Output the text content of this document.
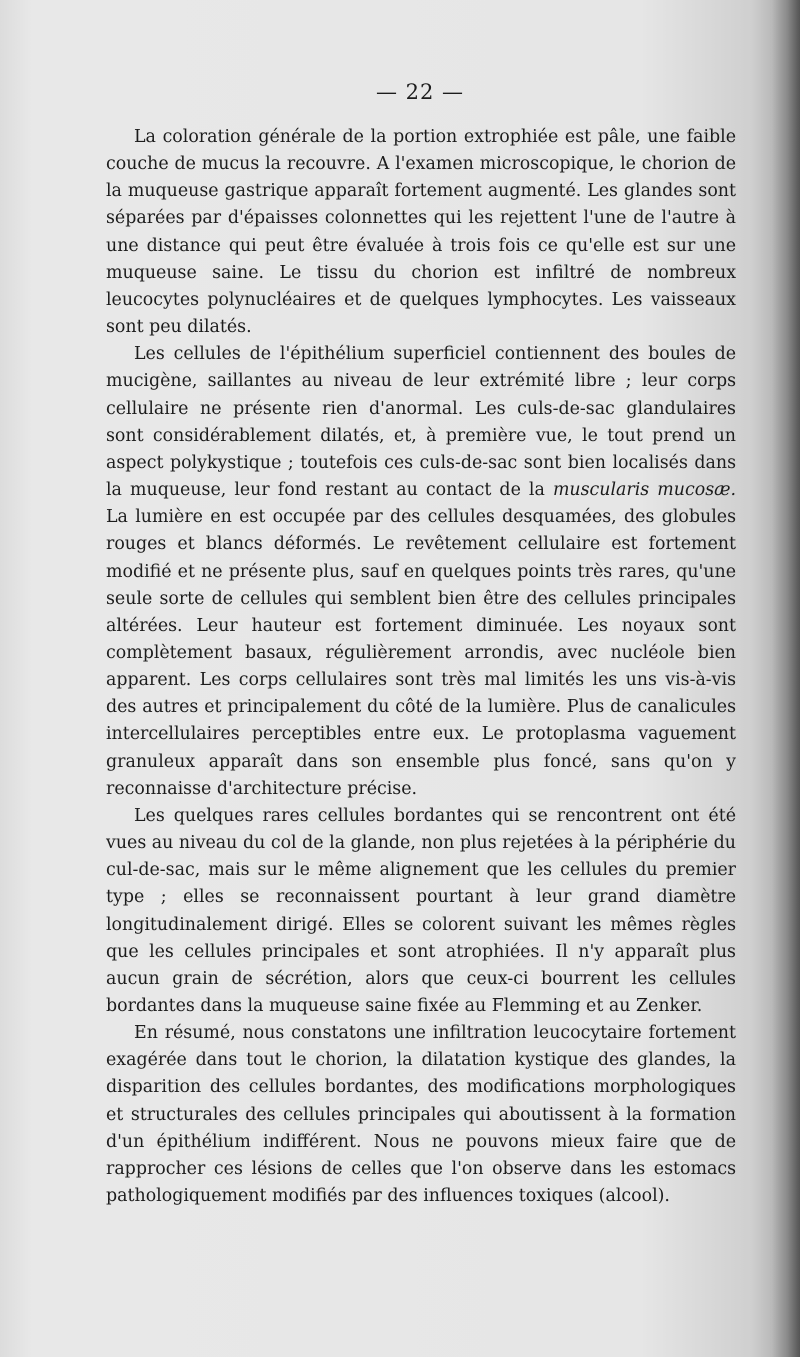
— 22 —

La coloration générale de la portion extrophiée est pâle, une faible couche de mucus la recouvre. A l'examen microscopique, le chorion de la muqueuse gastrique apparaît fortement augmenté. Les glandes sont séparées par d'épaisses colonnettes qui les rejettent l'une de l'autre à une distance qui peut être évaluée à trois fois ce qu'elle est sur une muqueuse saine. Le tissu du chorion est infiltré de nombreux leucocytes polynucléaires et de quelques lymphocytes. Les vaisseaux sont peu dilatés.

Les cellules de l'épithélium superficiel contiennent des boules de mucigène, saillantes au niveau de leur extrémité libre ; leur corps cellulaire ne présente rien d'anormal. Les culs-de-sac glandulaires sont considérablement dilatés, et, à première vue, le tout prend un aspect polykystique ; toutefois ces culs-de-sac sont bien localisés dans la muqueuse, leur fond restant au contact de la muscularis mucosæ. La lumière en est occupée par des cellules desquamées, des globules rouges et blancs déformés. Le revêtement cellulaire est fortement modifié et ne présente plus, sauf en quelques points très rares, qu'une seule sorte de cellules qui semblent bien être des cellules principales altérées. Leur hauteur est fortement diminuée. Les noyaux sont complètement basaux, régulièrement arrondis, avec nucléole bien apparent. Les corps cellulaires sont très mal limités les uns vis-à-vis des autres et principalement du côté de la lumière. Plus de canalicules intercellulaires perceptibles entre eux. Le protoplasma vaguement granuleux apparaît dans son ensemble plus foncé, sans qu'on y reconnaisse d'architecture précise.

Les quelques rares cellules bordantes qui se rencontrent ont été vues au niveau du col de la glande, non plus rejetées à la périphérie du cul-de-sac, mais sur le même alignement que les cellules du premier type ; elles se reconnaissent pourtant à leur grand diamètre longitudinalement dirigé. Elles se colorent suivant les mêmes règles que les cellules principales et sont atrophiées. Il n'y apparaît plus aucun grain de sécrétion, alors que ceux-ci bourrent les cellules bordantes dans la muqueuse saine fixée au Flemming et au Zenker.

En résumé, nous constatons une infiltration leucocytaire fortement exagérée dans tout le chorion, la dilatation kystique des glandes, la disparition des cellules bordantes, des modifications morphologiques et structurales des cellules principales qui aboutissent à la formation d'un épithélium indifférent. Nous ne pouvons mieux faire que de rapprocher ces lésions de celles que l'on observe dans les estomacs pathologiquement modifiés par des influences toxiques (alcool).
